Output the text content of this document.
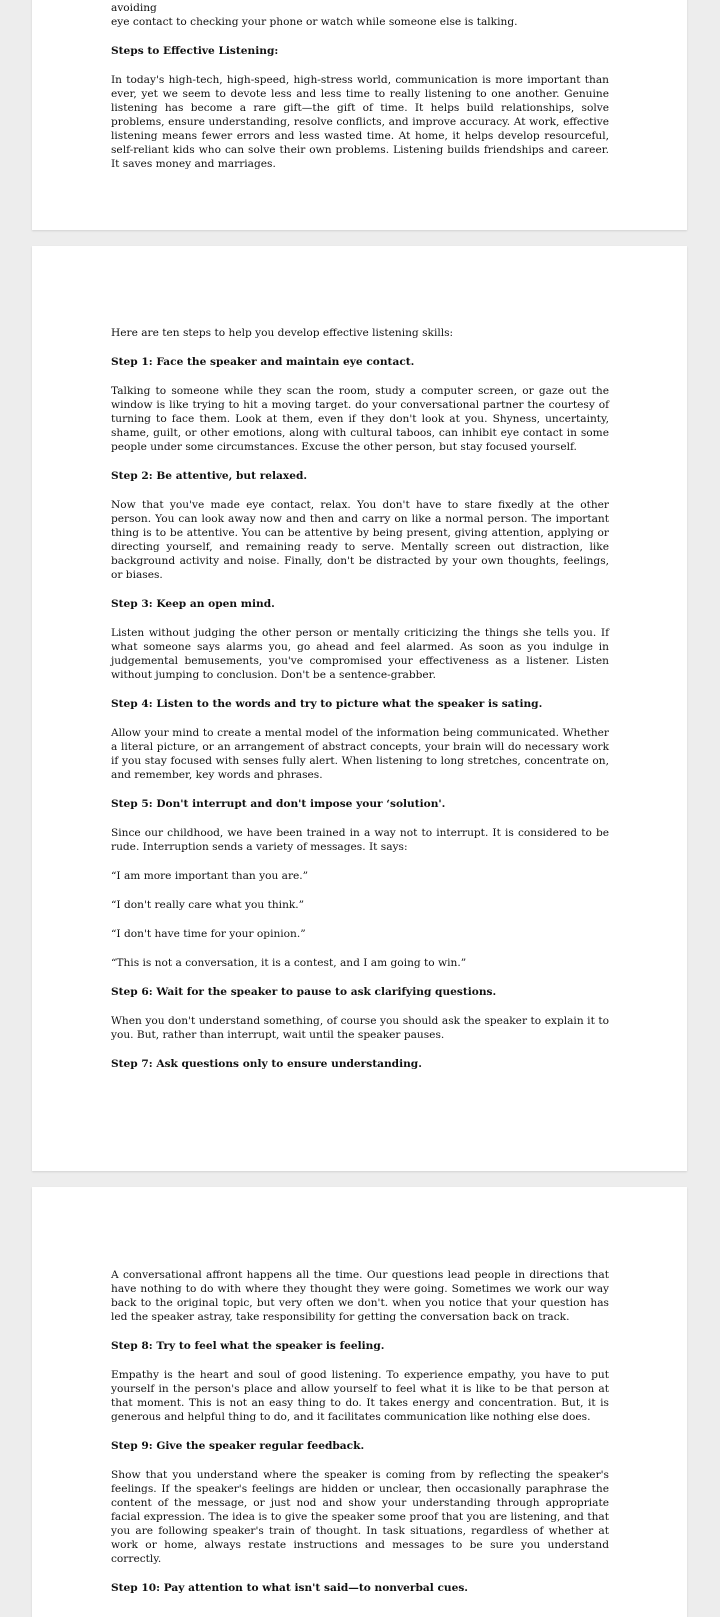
avoiding

eye contact to checking your phone or watch while someone else is talking.

Steps to Effective Listening:

In today's high-tech, high-speed, high-stress world, communication is more important than ever, yet we seem to devote less and less time to really listening to one another. Genuine listening has become a rare gift—the gift of time. It helps build relationships, solve problems, ensure understanding, resolve conflicts, and improve accuracy. At work, effective listening means fewer errors and less wasted time. At home, it helps develop resourceful, self-reliant kids who can solve their own problems. Listening builds friendships and career. It saves money and marriages.

Here are ten steps to help you develop effective listening skills:

Step 1: Face the speaker and maintain eye contact.

Talking to someone while they scan the room, study a computer screen, or gaze out the window is like trying to hit a moving target. do your conversational partner the courtesy of turning to face them. Look at them, even if they don't look at you. Shyness, uncertainty, shame, guilt, or other emotions, along with cultural taboos, can inhibit eye contact in some people under some circumstances. Excuse the other person, but stay focused yourself.

Step 2: Be attentive, but relaxed.

Now that you've made eye contact, relax. You don't have to stare fixedly at the other person. You can look away now and then and carry on like a normal person. The important thing is to be attentive. You can be attentive by being present, giving attention, applying or directing yourself, and remaining ready to serve. Mentally screen out distraction, like background activity and noise. Finally, don't be distracted by your own thoughts, feelings, or biases.

Step 3: Keep an open mind.

Listen without judging the other person or mentally criticizing the things she tells you. If what someone says alarms you, go ahead and feel alarmed. As soon as you indulge in judgemental bemusements, you've compromised your effectiveness as a listener. Listen without jumping to conclusion. Don't be a sentence-grabber.

Step 4: Listen to the words and try to picture what the speaker is sating.

Allow your mind to create a mental model of the information being communicated. Whether a literal picture, or an arrangement of abstract concepts, your brain will do necessary work if you stay focused with senses fully alert. When listening to long stretches, concentrate on, and remember, key words and phrases.

Step 5: Don't interrupt and don't impose your ‘solution'.

Since our childhood, we have been trained in a way not to interrupt. It is considered to be rude. Interruption sends a variety of messages. It says:

“I am more important than you are.”

“I don't really care what you think.”

“I don't have time for your opinion.”

“This is not a conversation, it is a contest, and I am going to win.”

Step 6: Wait for the speaker to pause to ask clarifying questions.

When you don't understand something, of course you should ask the speaker to explain it to you. But, rather than interrupt, wait until the speaker pauses.

Step 7: Ask questions only to ensure understanding.

A conversational affront happens all the time. Our questions lead people in directions that have nothing to do with where they thought they were going. Sometimes we work our way back to the original topic, but very often we don't. when you notice that your question has led the speaker astray, take responsibility for getting the conversation back on track.

Step 8: Try to feel what the speaker is feeling.

Empathy is the heart and soul of good listening. To experience empathy, you have to put yourself in the person's place and allow yourself to feel what it is like to be that person at that moment. This is not an easy thing to do. It takes energy and concentration. But, it is generous and helpful thing to do, and it facilitates communication like nothing else does.

Step 9: Give the speaker regular feedback.

Show that you understand where the speaker is coming from by reflecting the speaker's feelings. If the speaker's feelings are hidden or unclear, then occasionally paraphrase the content of the message, or just nod and show your understanding through appropriate facial expression. The idea is to give the speaker some proof that you are listening, and that you are following speaker's train of thought. In task situations, regardless of whether at work or home, always restate instructions and messages to be sure you understand correctly.

Step 10: Pay attention to what isn't said—to nonverbal cues.
